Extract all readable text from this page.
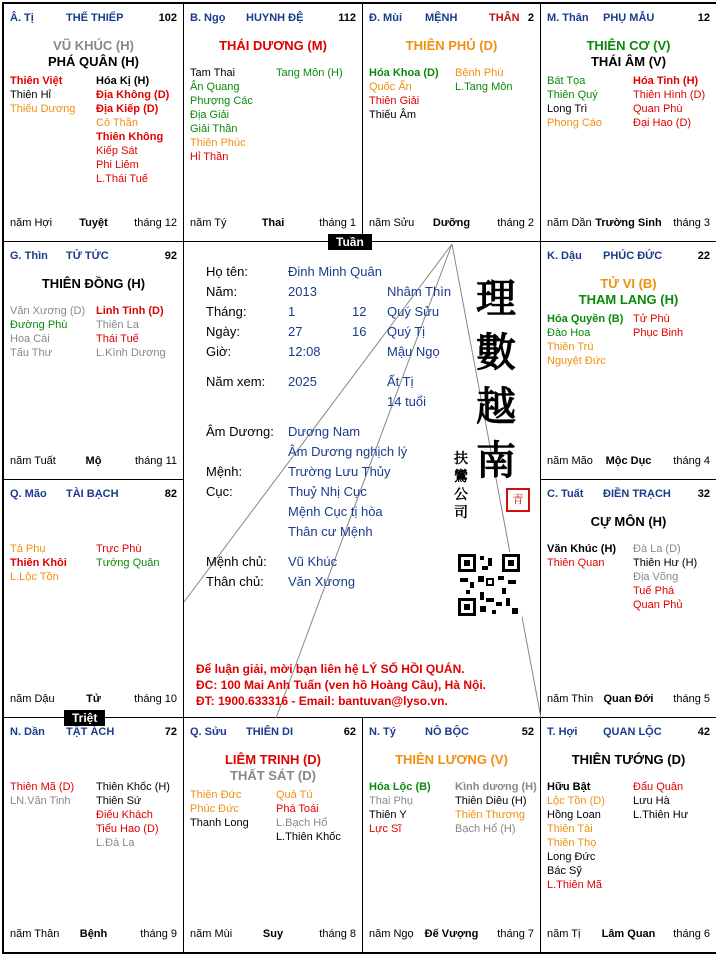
Â. Tị	THẾ THIẾP	102
VŨ KHÚC (H)
PHÁ QUÂN (H)
Thiên Việt
Thiên Hỉ
Thiếu Dương
Hóa Kị (H)
Địa Không (D)
Địa Kiếp (D)
Cô Thần
Thiên Không
Kiếp Sát
Phi Liêm
L.Thái Tuế
năm Hợi	Tuyệt	tháng 12
B. Ngọ HUYNH ĐỆ	112
THÁI DƯƠNG (M)
Tam Thai
Ân Quang
Phượng Các
Địa Giải
Giải Thần
Thiên Phúc
Hỉ Thần
Tang Môn (H)
năm Tý	Thai	tháng 1
Đ. Mùi MỆNH	THÂN 2
THIÊN PHỦ (D)
Hóa Khoa (D)
Quốc Ấn
Thiên Giải
Thiếu Âm
Bệnh Phù
L.Tang Môn
năm Sửu	Dưỡng	tháng 2
M. Thân PHỤ MẪU	12
THIÊN CƠ (V)
THÁI ÂM (V)
Bát Tọa
Thiên Quý
Long Trì
Phong Cáo
Hóa Tinh (H)
Thiên Hình (D)
Quan Phù
Đại Hao (D)
năm Dần Trường Sinh	tháng 3
G. Thìn TỬ TỨC	92
THIÊN ĐỒNG (H)
Văn Xương (D)
Đường Phù
Hoa Cái
Tấu Thư
Linh Tinh (D)
Thiên La
Thái Tuế
L.Kình Dương
năm Tuất	Mộ	tháng 11
K. Dậu PHÚC ĐỨC	22
TỬ VI (B)
THAM LANG (H)
Hóa Quyền (B)
Đào Hoa
Thiên Trù
Nguyệt Đức
Tử Phù
Phục Binh
năm Mão	Mộc Dục	tháng 4
Q. Mão TÀI BẠCH	82
Tả Phụ
Thiên Khôi
L.Lộc Tồn
Trực Phù
Tướng Quân
năm Dậu	Tử	tháng 10
C. Tuất ĐIỀN TRẠCH 32
CỰ MÔN (H)
Văn Khúc (H)
Thiên Quan
Đà La (D)
Thiên Hư (H)
Địa Võng
Tuế Phá
Quan Phủ
năm Thìn Quan Đới	tháng 5
N. Dần TẬT ÁCH	72
Thiên Mã (D)
LN.Văn Tinh
Thiên Khốc (H)
Thiên Sứ
Điếu Khách
Tiểu Hao (D)
L.Đà La
năm Thân	Bệnh	tháng 9
Q. Sửu THIÊN DI	62
LIÊM TRINH (D)
THẤT SÁT (D)
Thiên Đức
Phúc Đức
Thanh Long
Quả Tú
Phá Toái
L.Bạch Hổ
L.Thiên Khốc
năm Mùi	Suy	tháng 8
N. Tý	NÔ BỘC	52
THIÊN LƯƠNG (V)
Hóa Lộc (B)
Thai Phụ
Thiên Y
Lực Sĩ
Kình dương (H)
Thiên Diêu (H)
Thiên Thương
Bạch Hổ (H)
năm Ngọ	Đế Vượng	tháng 7
T. Hợi QUAN LỘC	42
THIÊN TƯỚNG (D)
Hữu Bật
Lộc Tồn (D)
Hồng Loan
Thiên Tài
Thiên Thọ
Long Đức
Bác Sỹ
L.Thiên Mã
Đẩu Quân
Lưu Hà
L.Thiên Hư
năm Tị	Lâm Quan	tháng 6
Họ tên:	Đinh Minh Quân
Năm:	2013	Nhâm Thìn
Tháng:	1	12 Quý Sửu
Ngày:	27	16 Quý Tị
Giờ:	12:08	Mậu Ngọ
Năm xem: 2025	Ất Tị
14 tuổi
Âm Dương: Dương Nam
Âm Dương nghịch lý
Mệnh:	Trường Lưu Thủy
Cục:	Thuỷ Nhị Cục
Mệnh Cục tị hòa
Thân cư Mệnh
Mệnh chủ: Vũ Khúc
Thân chủ: Văn Xương
理
數
越
南
扶 鸞 公 司
青
Để luận giải, mời bạn liên hệ LÝ SỐ HỒI QUÁN.
ĐC: 100 Mai Anh Tuấn (ven hồ Hoàng Cầu), Hà Nội.
ĐT: 1900.633316 - Email: bantuvan@lyso.vn.
Tuần
Triệt
